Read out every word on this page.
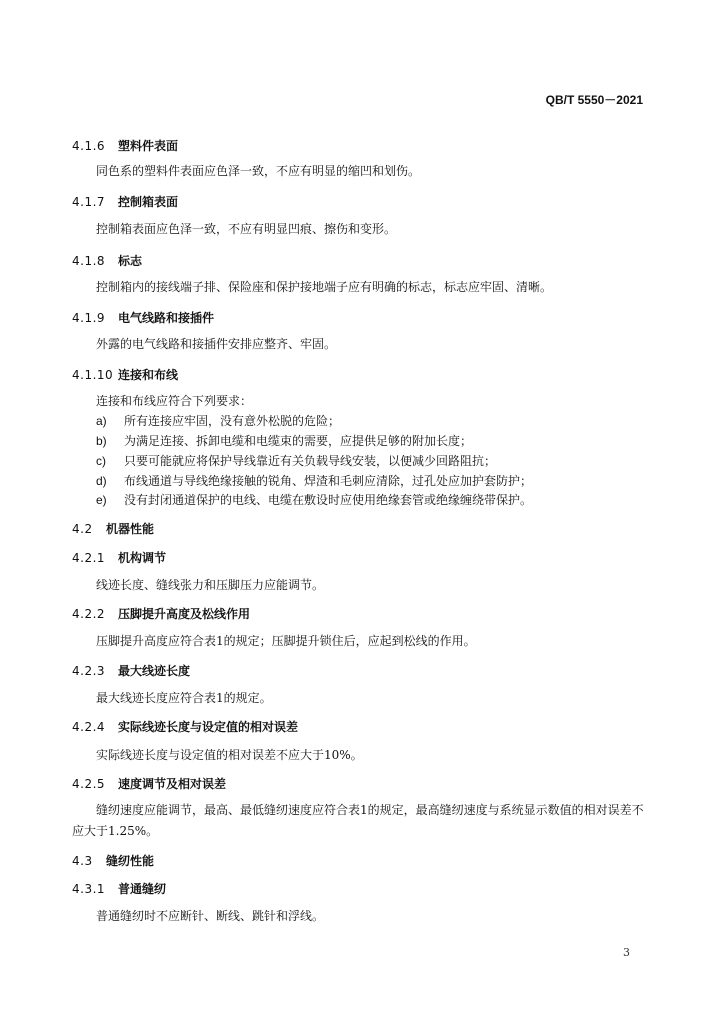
QB/T 5550－2021
4.1.6 塑料件表面
同色系的塑料件表面应色泽一致，不应有明显的缩凹和划伤。
4.1.7 控制箱表面
控制箱表面应色泽一致，不应有明显凹痕、擦伤和变形。
4.1.8 标志
控制箱内的接线端子排、保险座和保护接地端子应有明确的标志，标志应牢固、清晰。
4.1.9 电气线路和接插件
外露的电气线路和接插件安排应整齐、牢固。
4.1.10 连接和布线
连接和布线应符合下列要求：
a) 所有连接应牢固，没有意外松脱的危险；
b) 为满足连接、拆卸电缆和电缆束的需要，应提供足够的附加长度；
c) 只要可能就应将保护导线靠近有关负载导线安装，以便减少回路阻抗；
d) 布线通道与导线绝缘接触的锐角、焊渣和毛刺应清除，过孔处应加护套防护；
e) 没有封闭通道保护的电线、电缆在敷设时应使用绝缘套管或绝缘缠绕带保护。
4.2 机器性能
4.2.1 机构调节
线迹长度、缝线张力和压脚压力应能调节。
4.2.2 压脚提升高度及松线作用
压脚提升高度应符合表1的规定；压脚提升锁住后，应起到松线的作用。
4.2.3 最大线迹长度
最大线迹长度应符合表1的规定。
4.2.4 实际线迹长度与设定值的相对误差
实际线迹长度与设定值的相对误差不应大于10%。
4.2.5 速度调节及相对误差
缝纫速度应能调节，最高、最低缝纫速度应符合表1的规定，最高缝纫速度与系统显示数值的相对误差不应大于1.25%。
4.3 缝纫性能
4.3.1 普通缝纫
普通缝纫时不应断针、断线、跳针和浮线。
3
